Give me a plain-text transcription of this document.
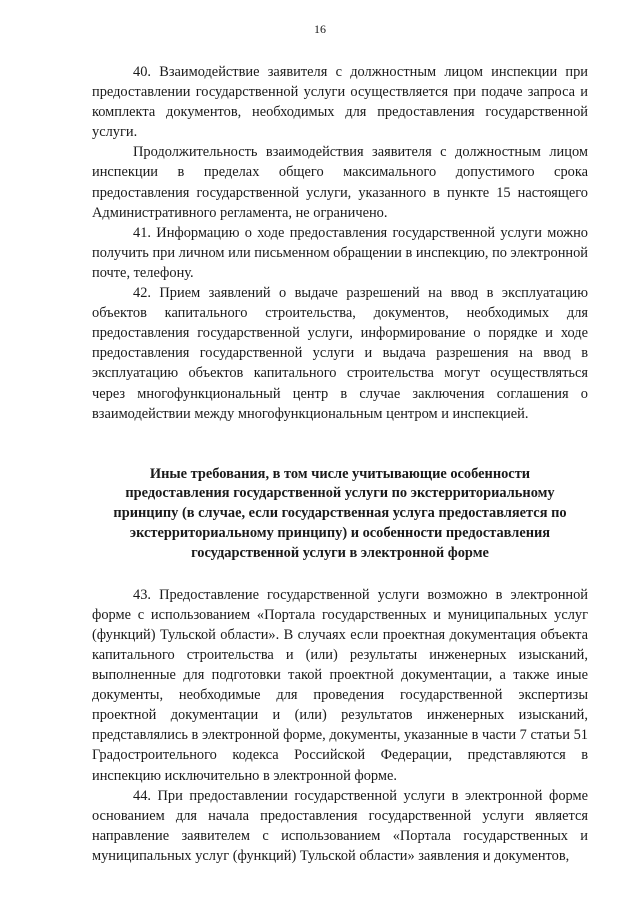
16

40. Взаимодействие заявителя с должностным лицом инспекции при предоставлении государственной услуги осуществляется при подаче запроса и комплекта документов, необходимых для предоставления государственной услуги.

Продолжительность взаимодействия заявителя с должностным лицом инспекции в пределах общего максимального допустимого срока предоставления государственной услуги, указанного в пункте 15 настоящего Административного регламента, не ограничено.

41. Информацию о ходе предоставления государственной услуги можно получить при личном или письменном обращении в инспекцию, по электронной почте, телефону.

42. Прием заявлений о выдаче разрешений на ввод в эксплуатацию объектов капитального строительства, документов, необходимых для предоставления государственной услуги, информирование о порядке и ходе предоставления государственной услуги и выдача разрешения на ввод в эксплуатацию объектов капитального строительства могут осуществляться через многофункциональный центр в случае заключения соглашения о взаимодействии между многофункциональным центром и инспекцией.

Иные требования, в том числе учитывающие особенности предоставления государственной услуги по экстерриториальному принципу (в случае, если государственная услуга предоставляется по экстерриториальному принципу) и особенности предоставления государственной услуги в электронной форме

43. Предоставление государственной услуги возможно в электронной форме с использованием «Портала государственных и муниципальных услуг (функций) Тульской области». В случаях если проектная документация объекта капитального строительства и (или) результаты инженерных изысканий, выполненные для подготовки такой проектной документации, а также иные документы, необходимые для проведения государственной экспертизы проектной документации и (или) результатов инженерных изысканий, представлялись в электронной форме, документы, указанные в части 7 статьи 51 Градостроительного кодекса Российской Федерации, представляются в инспекцию исключительно в электронной форме.

44. При предоставлении государственной услуги в электронной форме основанием для начала предоставления государственной услуги является направление заявителем с использованием «Портала государственных и муниципальных услуг (функций) Тульской области» заявления и документов,
